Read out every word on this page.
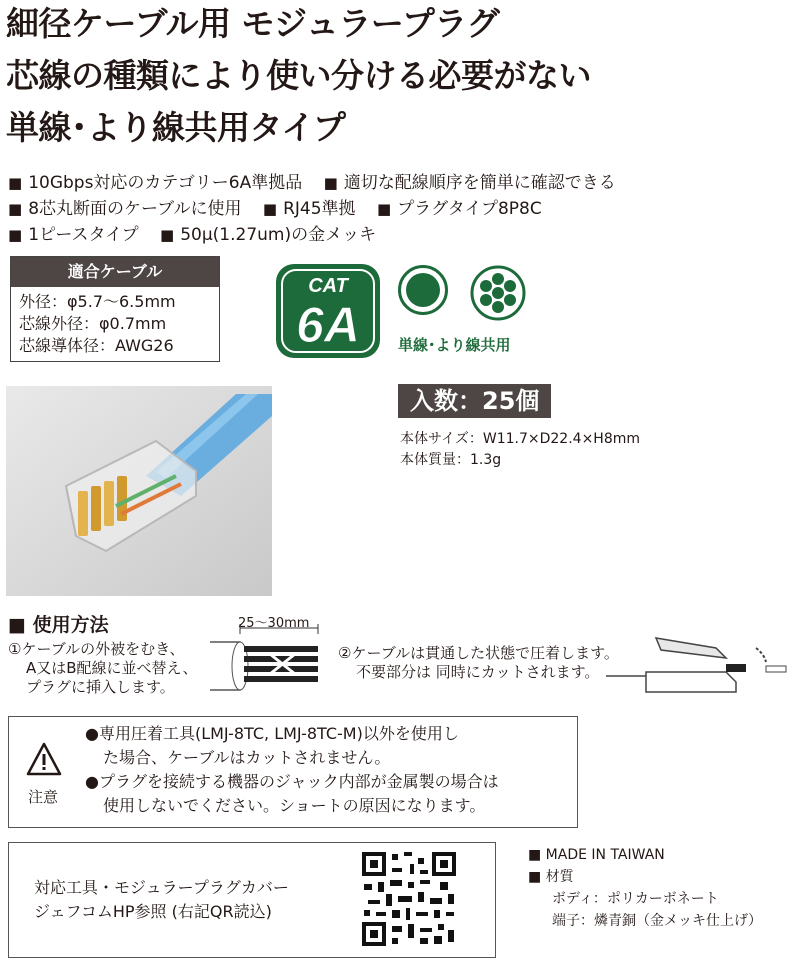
細径ケーブル用 モジュラープラグ
芯線の種類により使い分ける必要がない
単線･より線共用タイプ
■ 10Gbps対応のカテゴリー6A準拠品 ■ 適切な配線順序を簡単に確認できる
■ 8芯丸断面のケーブルに使用 ■ RJ45準拠 ■ プラグタイプ8P8C
■ 1ピースタイプ ■ 50μ(1.27um)の金メッキ
適合ケーブル
外径：φ5.7～6.5mm
芯線外径：φ0.7mm
芯線導体径：AWG26
CAT
6A	単線･より線共用
入数：25個
本体サイズ：W11.7×D22.4×H8mm
本体質量：1.3g
■ 使用方法	25～30mm
①ケーブルの外被をむき、
A又はB配線に並べ替え、
プラグに挿入します。
②ケーブルは貫通した状態で圧着します。
不要部分は 同時にカットされます。
注意
●専用圧着工具(LMJ-8TC, LMJ-8TC-M)以外を使用し
た場合、ケーブルはカットされません。
●プラグを接続する機器のジャック内部が金属製の場合は
使用しないでください。ショートの原因になります。
対応工具・モジュラープラグカバー
ジェフコムHP参照 (右記QR読込)
■ MADE IN TAIWAN
■ 材質
ボディ：ポリカーボネート
端子：燐青銅（金メッキ仕上げ）
